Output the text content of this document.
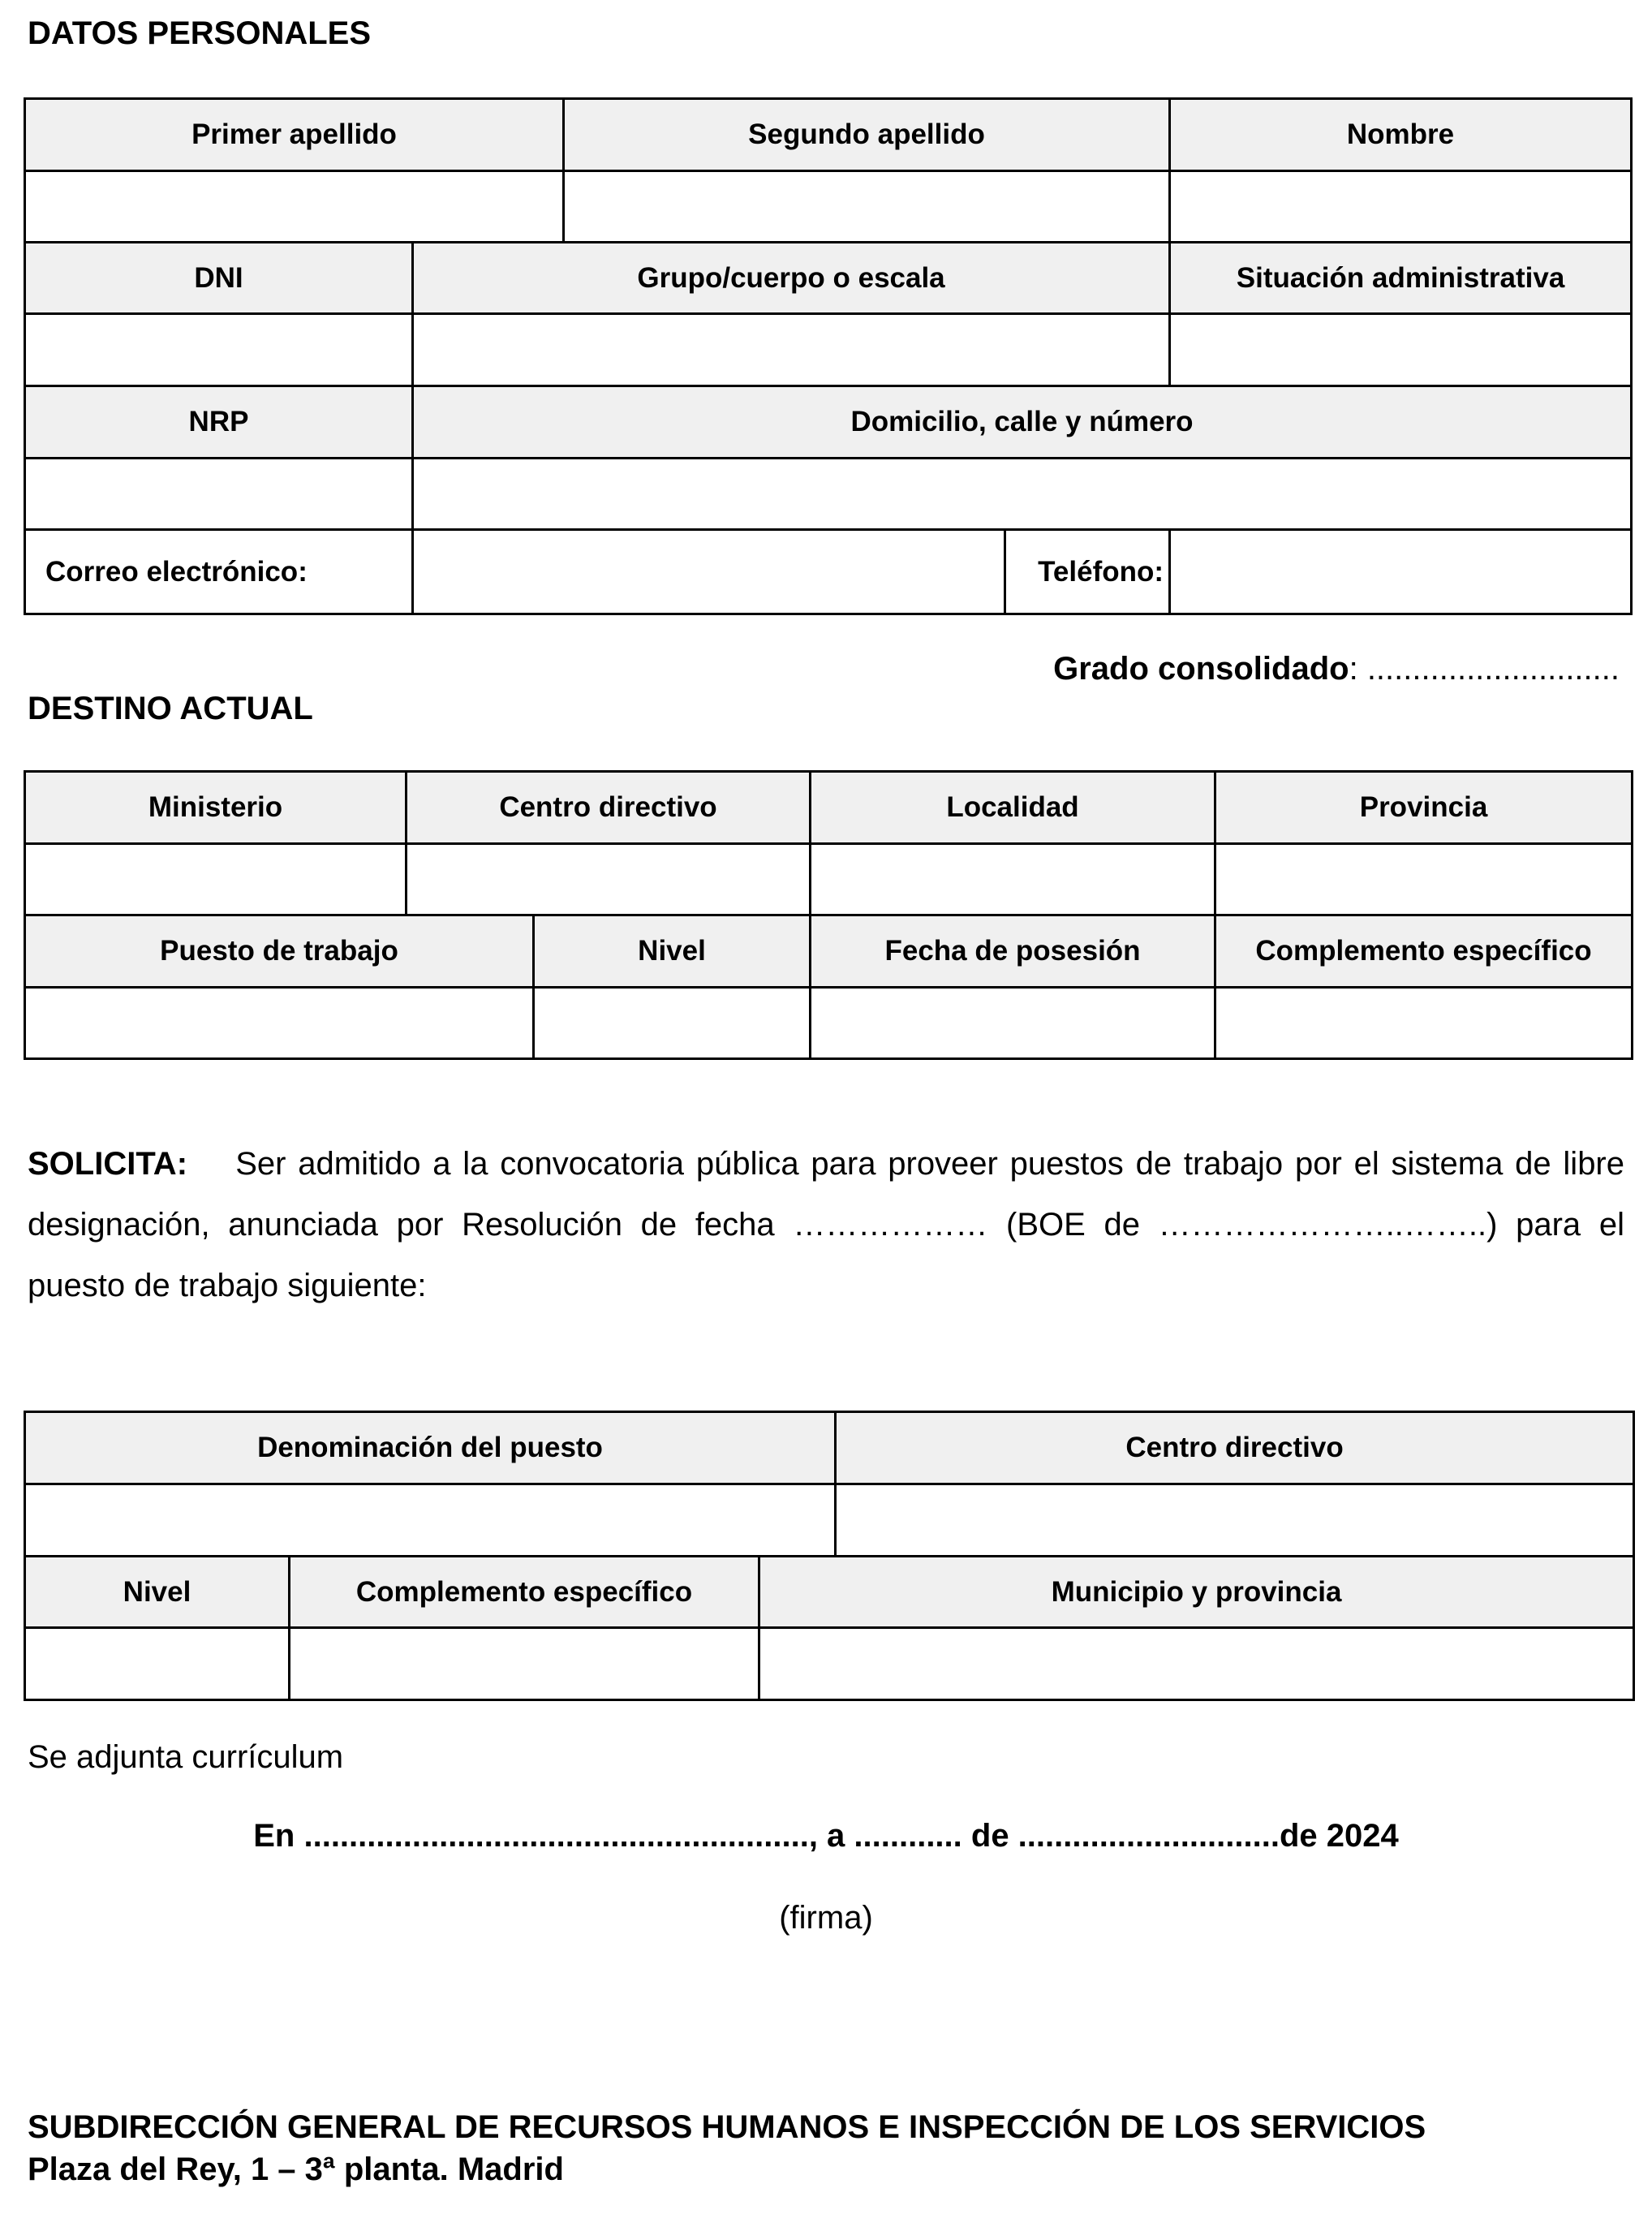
DATOS PERSONALES
Primer apellido		Segundo apellido		Nombre

DNI	Grupo/cuerpo o escala			Situación administrativa

NRP	Domicilio, calle y número			

Correo electrónico:			Teléfono:	
Grado consolidado: ............................
DESTINO ACTUAL
Ministerio	Centro directivo		Localidad	Provincia

Puesto de trabajo		Nivel	Fecha de posesión	Complemento específico

SOLICITA: Ser admitido a la convocatoria pública para proveer puestos de trabajo por el sistema de libre designación, anunciada por Resolución de fecha ……………… (BOE de …………………..……..) para el puesto de trabajo siguiente:
Denominación del puesto			Centro directivo

Nivel	Complemento específico	Municipio y provincia	

Se adjunta currículum
En ........................................................, a ............ de .............................de 2024
(firma)
SUBDIRECCIÓN GENERAL DE RECURSOS HUMANOS E INSPECCIÓN DE LOS SERVICIOS
Plaza del Rey, 1 – 3ª planta. Madrid
